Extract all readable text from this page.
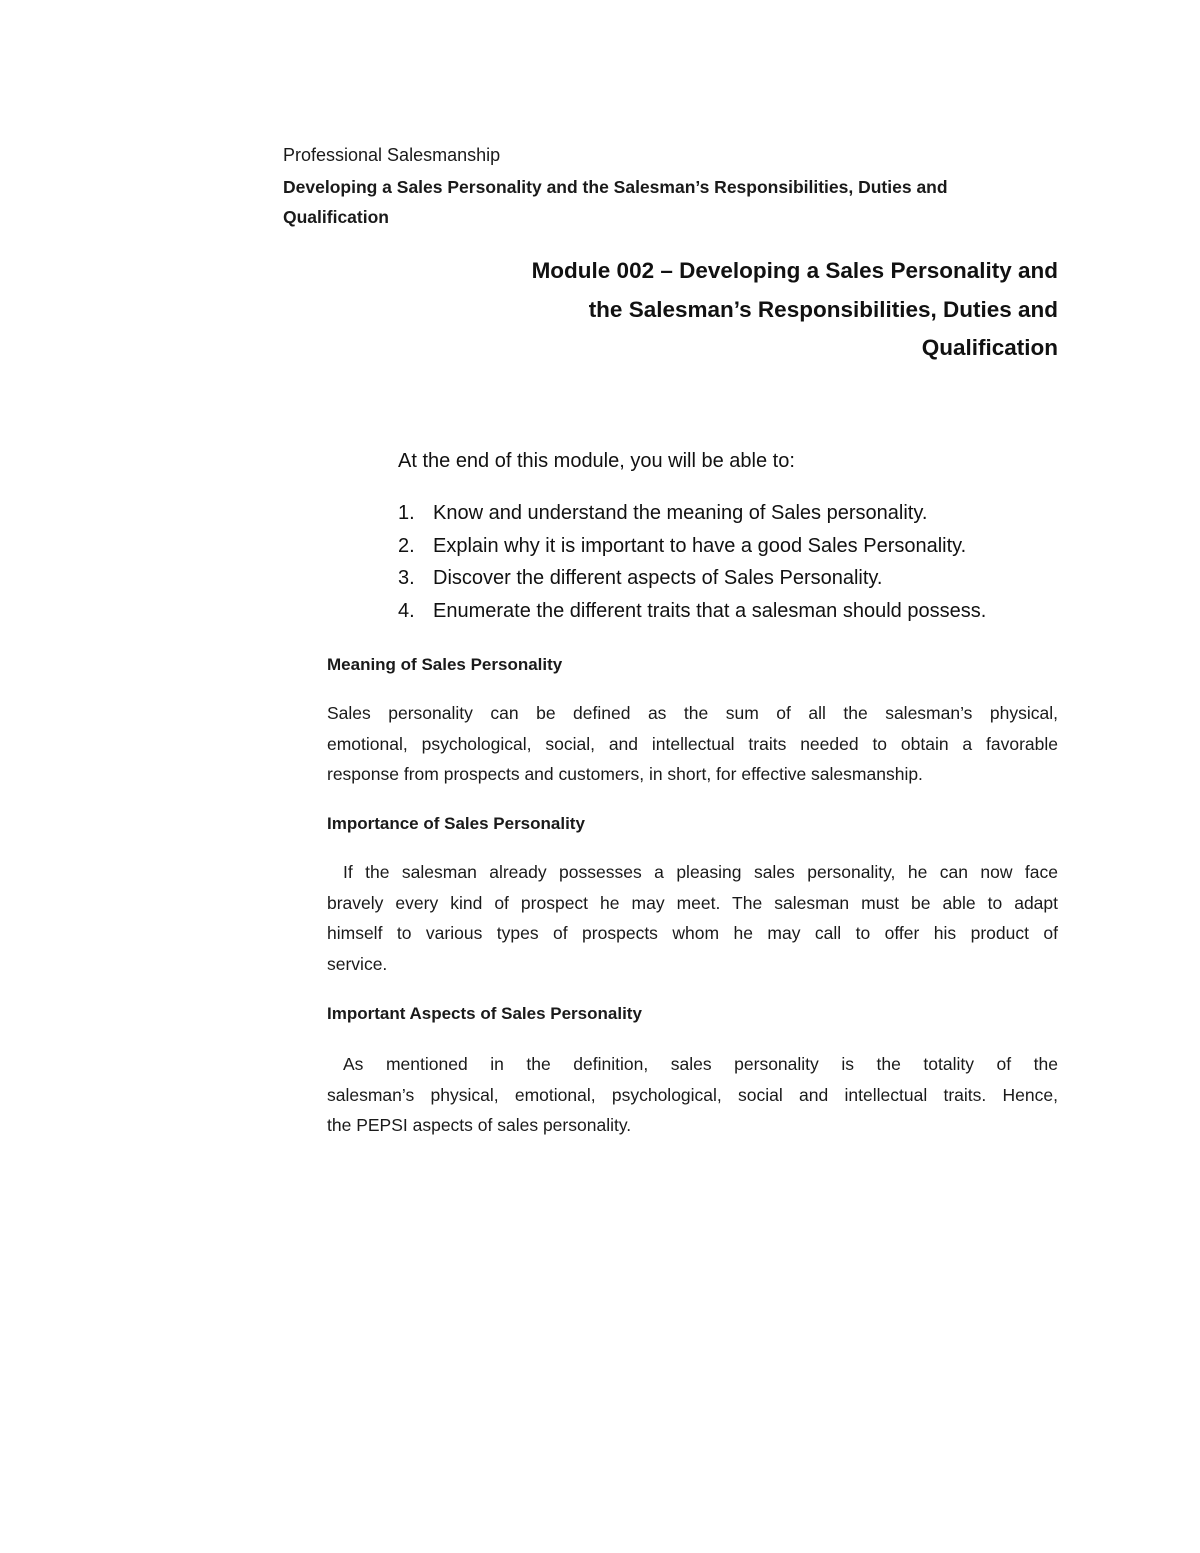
Professional Salesmanship
Developing a Sales Personality and the Salesman’s Responsibilities, Duties and
Qualification
Module 002 – Developing a Sales Personality and
the Salesman’s Responsibilities, Duties and
Qualification
At the end of this module, you will be able to:
1. Know and understand the meaning of Sales personality.
2. Explain why it is important to have a good Sales Personality.
3. Discover the different aspects of Sales Personality.
4. Enumerate the different traits that a salesman should possess.
Meaning of Sales Personality
Sales personality can be defined as the sum of all the salesman’s physical,
emotional, psychological, social, and intellectual traits needed to obtain a favorable
response from prospects and customers, in short, for effective salesmanship.
Importance of Sales Personality
If the salesman already possesses a pleasing sales personality, he can now face
bravely every kind of prospect he may meet. The salesman must be able to adapt
himself to various types of prospects whom he may call to offer his product of
service.
Important Aspects of Sales Personality
As mentioned in the definition, sales personality is the totality of the
salesman’s physical, emotional, psychological, social and intellectual traits. Hence,
the PEPSI aspects of sales personality.
